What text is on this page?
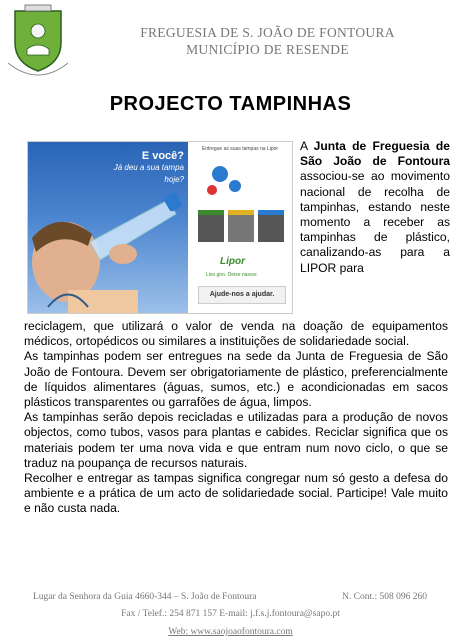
FREGUESIA DE S. JOÃO DE FONTOURA
MUNICÍPIO DE RESENDE
PROJECTO TAMPINHAS
E você?
Já deu a sua tampa hoje?
Entregue as suas tampas na Lipor
Lipor
Lixo giro. Deixe nascer.
Ajude-nos a ajudar.
A Junta de Freguesia de São João de Fontoura associou-se ao movimento nacional de recolha de tampinhas, estando neste momento a receber as tampinhas de plástico, canalizando-as para a LIPOR para

reciclagem, que utilizará o valor de venda na doação de equipamentos médicos, ortopédicos ou similares a instituições de solidariedade social.

As tampinhas podem ser entregues na sede da Junta de Freguesia de São João de Fontoura. Devem ser obrigatoriamente de plástico, preferencialmente de líquidos alimentares (águas, sumos, etc.) e acondicionadas em sacos plásticos transparentes ou garrafões de água, limpos.

As tampinhas serão depois recicladas e utilizadas para a produção de novos objectos, como tubos, vasos para plantas e cabides. Reciclar significa que os materiais podem ter uma nova vida e que entram num novo ciclo, o que se traduz na poupança de recursos naturais.

Recolher e entregar as tampas significa congregar num só gesto a defesa do ambiente e a prática de um acto de solidariedade social. Participe! Vale muito e não custa nada.

Lugar da Senhora da Guia 4660-344 – S. João de Fontoura	N. Cont.: 508 096 260
Fax / Telef.: 254 871 157 E-mail: j.f.s.j.fontoura@sapo.pt
Web: www.saojoaofontoura.com
